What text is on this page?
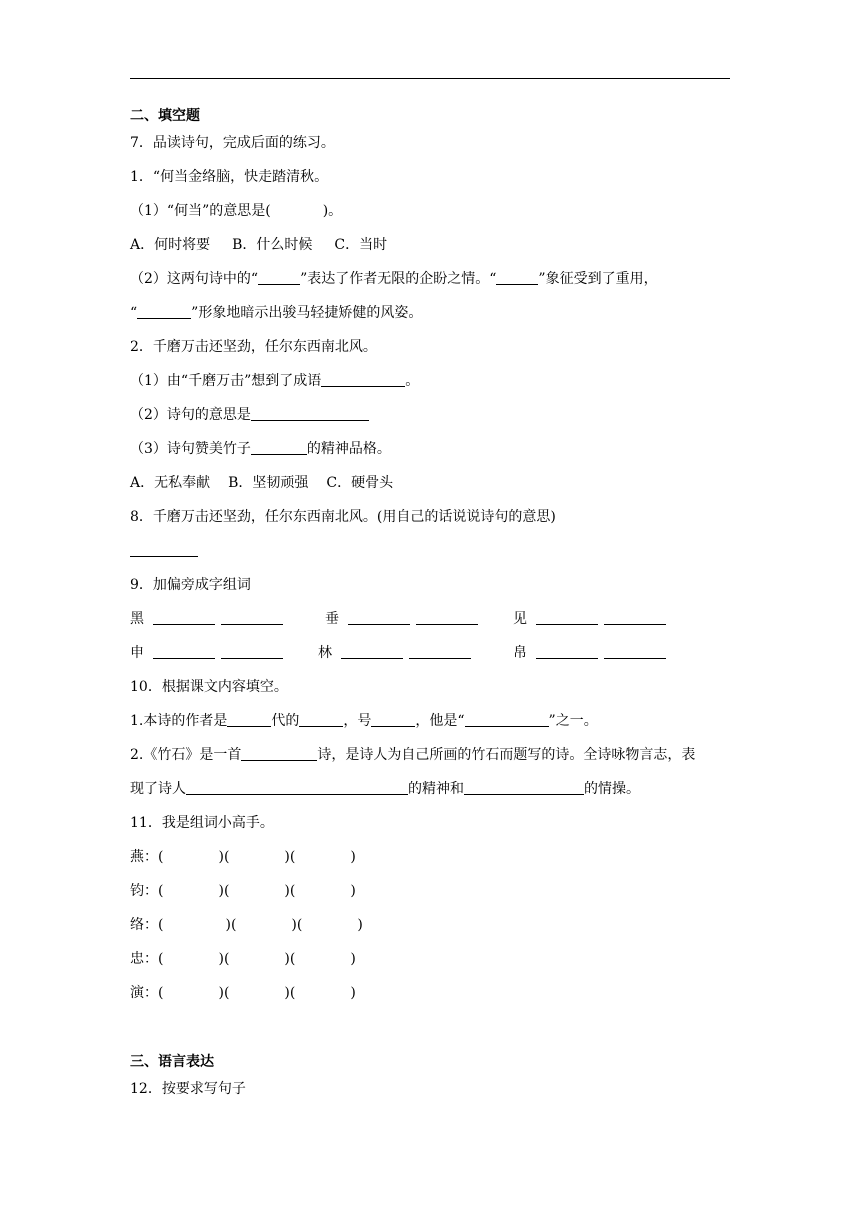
二、填空题
7．品读诗句，完成后面的练习。
1．“何当金络脑，快走踏清秋。
（1）“何当”的意思是(	)。
A．何时将要 B．什么时候 C．当时
（2）这两句诗中的“	”表达了作者无限的企盼之情。“	”象征受到了重用，
“	”形象地暗示出骏马轻捷矫健的风姿。
2．千磨万击还坚劲，任尔东西南北风。
（1）由“千磨万击”想到了成语	。
（2）诗句的意思是
（3）诗句赞美竹子	的精神品格。
A．无私奉献 B．坚韧顽强 C．硬骨头
8．千磨万击还坚劲，任尔东西南北风。(用自己的话说说诗句的意思)
9．加偏旁成字组词
黑	垂	见
申	林	帛
10．根据课文内容填空。
1.本诗的作者是	代的	，号	，他是“	”之一。
2.《竹石》是一首	诗，是诗人为自己所画的竹石而题写的诗。全诗咏物言志，表
现了诗人	的精神和	的情操。
11．我是组词小高手。
燕：(	)(	)(	)
钧：(	)(	)(	)
络：(	)(	)(	)
忠：(	)(	)(	)
演：(	)(	)(	)
三、语言表达
12．按要求写句子
